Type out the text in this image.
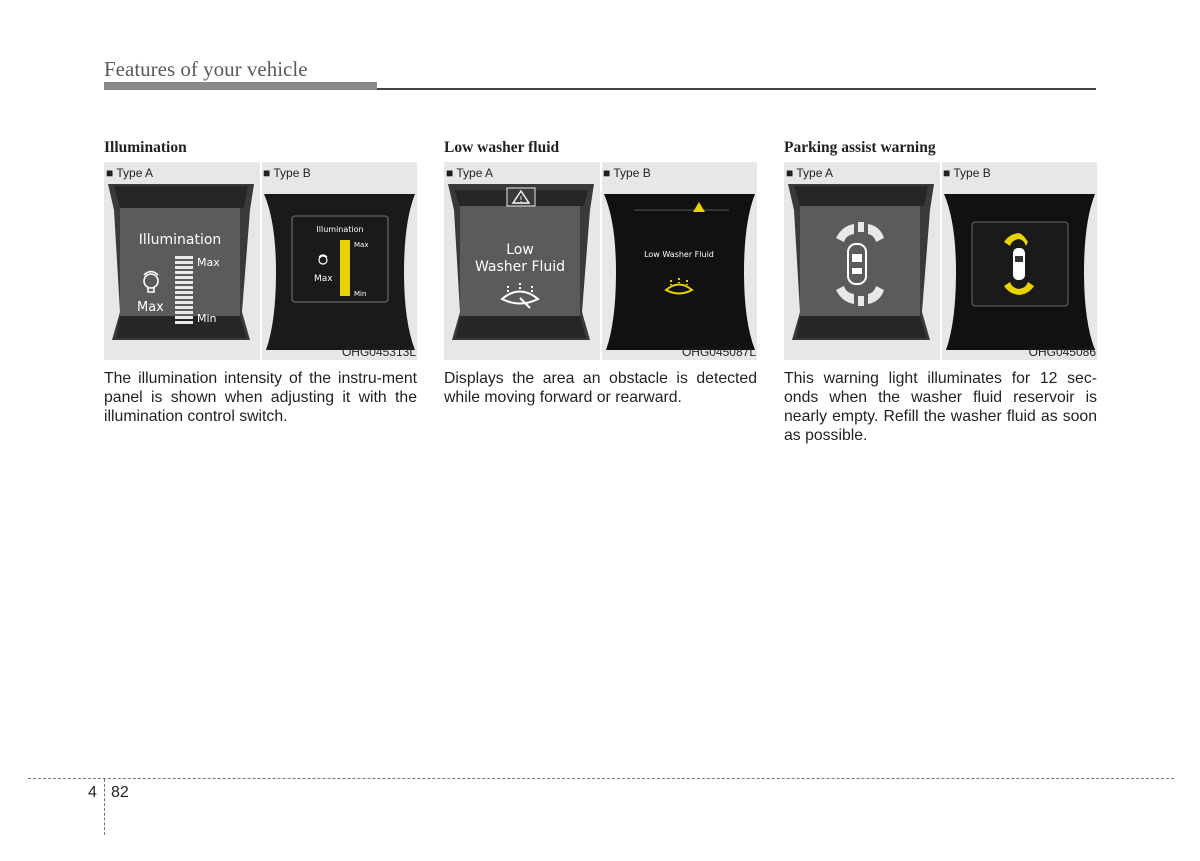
Features of your vehicle
Illumination
Illumination
Max
Min
Max
Illumination
Max
Min
Max
■ Type A	■ Type B
OHG045313L
The illumination intensity of the instru-ment panel is shown when adjusting it with the illumination control switch.
Low washer fluid
!
Low
Washer Fluid
Low Washer Fluid
■ Type A	■ Type B
OHG045087L
Displays the area an obstacle is detected while moving forward or rearward.
Parking assist warning
■ Type A	■ Type B
OHG045086
This warning light illuminates for 12 sec-onds when the washer fluid reservoir is nearly empty. Refill the washer fluid as soon as possible.
4 82
